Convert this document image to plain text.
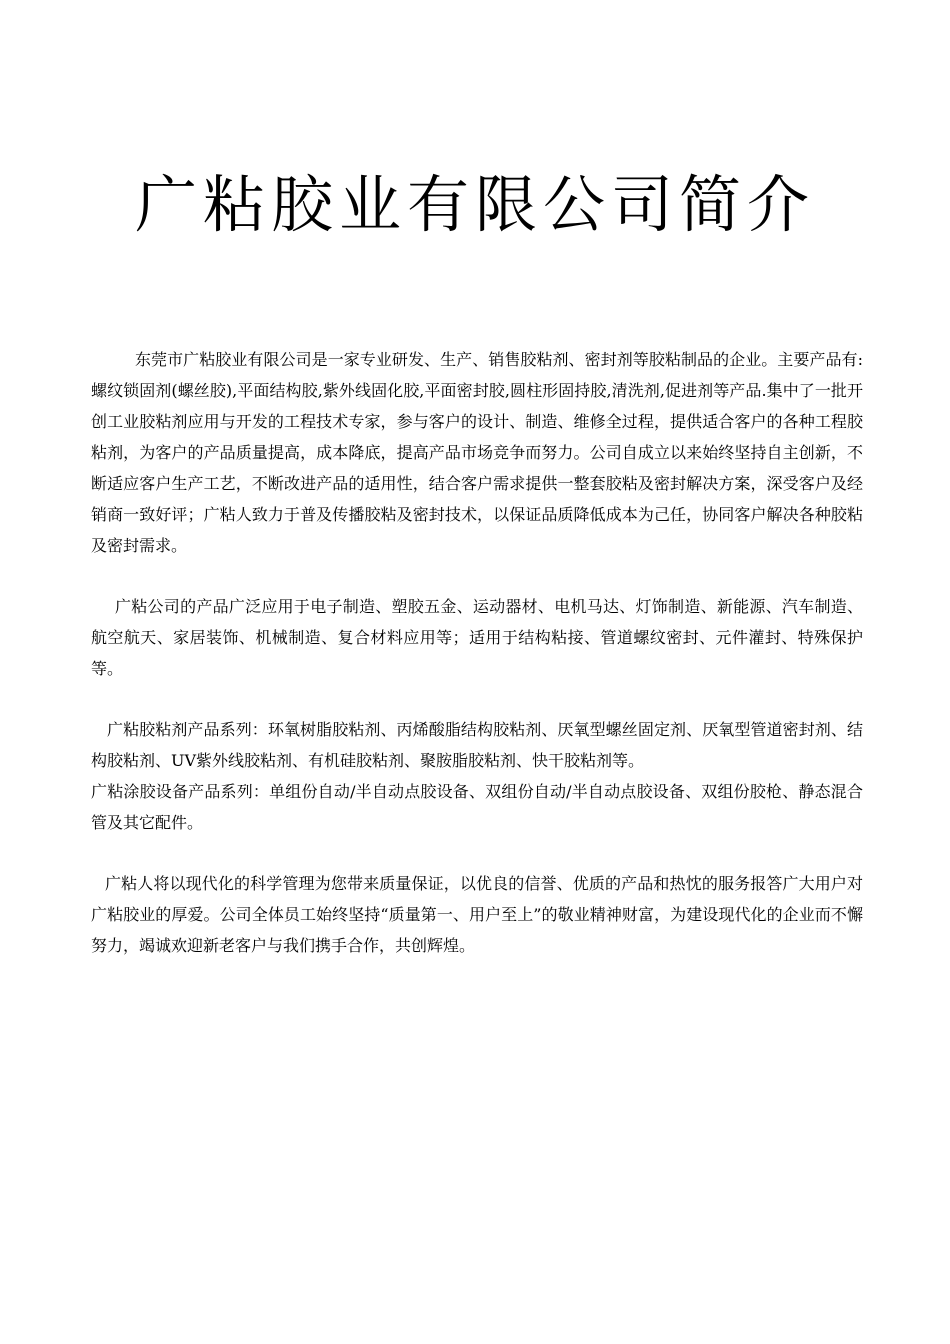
广粘胶业有限公司简介

东莞市广粘胶业有限公司是一家专业研发、生产、销售胶粘剂、密封剂等胶粘制品的企业。主要产品有:螺纹锁固剂(螺丝胶),平面结构胶,紫外线固化胶,平面密封胶,圆柱形固持胶,清洗剂,促进剂等产品.集中了一批开创工业胶粘剂应用与开发的工程技术专家，参与客户的设计、制造、维修全过程，提供适合客户的各种工程胶粘剂，为客户的产品质量提高，成本降底，提高产品市场竞争而努力。公司自成立以来始终坚持自主创新，不断适应客户生产工艺，不断改进产品的适用性，结合客户需求提供一整套胶粘及密封解决方案，深受客户及经销商一致好评；广粘人致力于普及传播胶粘及密封技术，以保证品质降低成本为己任，协同客户解决各种胶粘及密封需求。

广粘公司的产品广泛应用于电子制造、塑胶五金、运动器材、电机马达、灯饰制造、新能源、汽车制造、航空航天、家居装饰、机械制造、复合材料应用等；适用于结构粘接、管道螺纹密封、元件灌封、特殊保护等。

广粘胶粘剂产品系列：环氧树脂胶粘剂、丙烯酸脂结构胶粘剂、厌氧型螺丝固定剂、厌氧型管道密封剂、结构胶粘剂、UV紫外线胶粘剂、有机硅胶粘剂、聚胺脂胶粘剂、快干胶粘剂等。

广粘涂胶设备产品系列：单组份自动/半自动点胶设备、双组份自动/半自动点胶设备、双组份胶枪、静态混合管及其它配件。

广粘人将以现代化的科学管理为您带来质量保证，以优良的信誉、优质的产品和热忱的服务报答广大用户对广粘胶业的厚爱。公司全体员工始终坚持“质量第一、用户至上”的敬业精神财富，为建设现代化的企业而不懈努力，竭诚欢迎新老客户与我们携手合作，共创辉煌。
